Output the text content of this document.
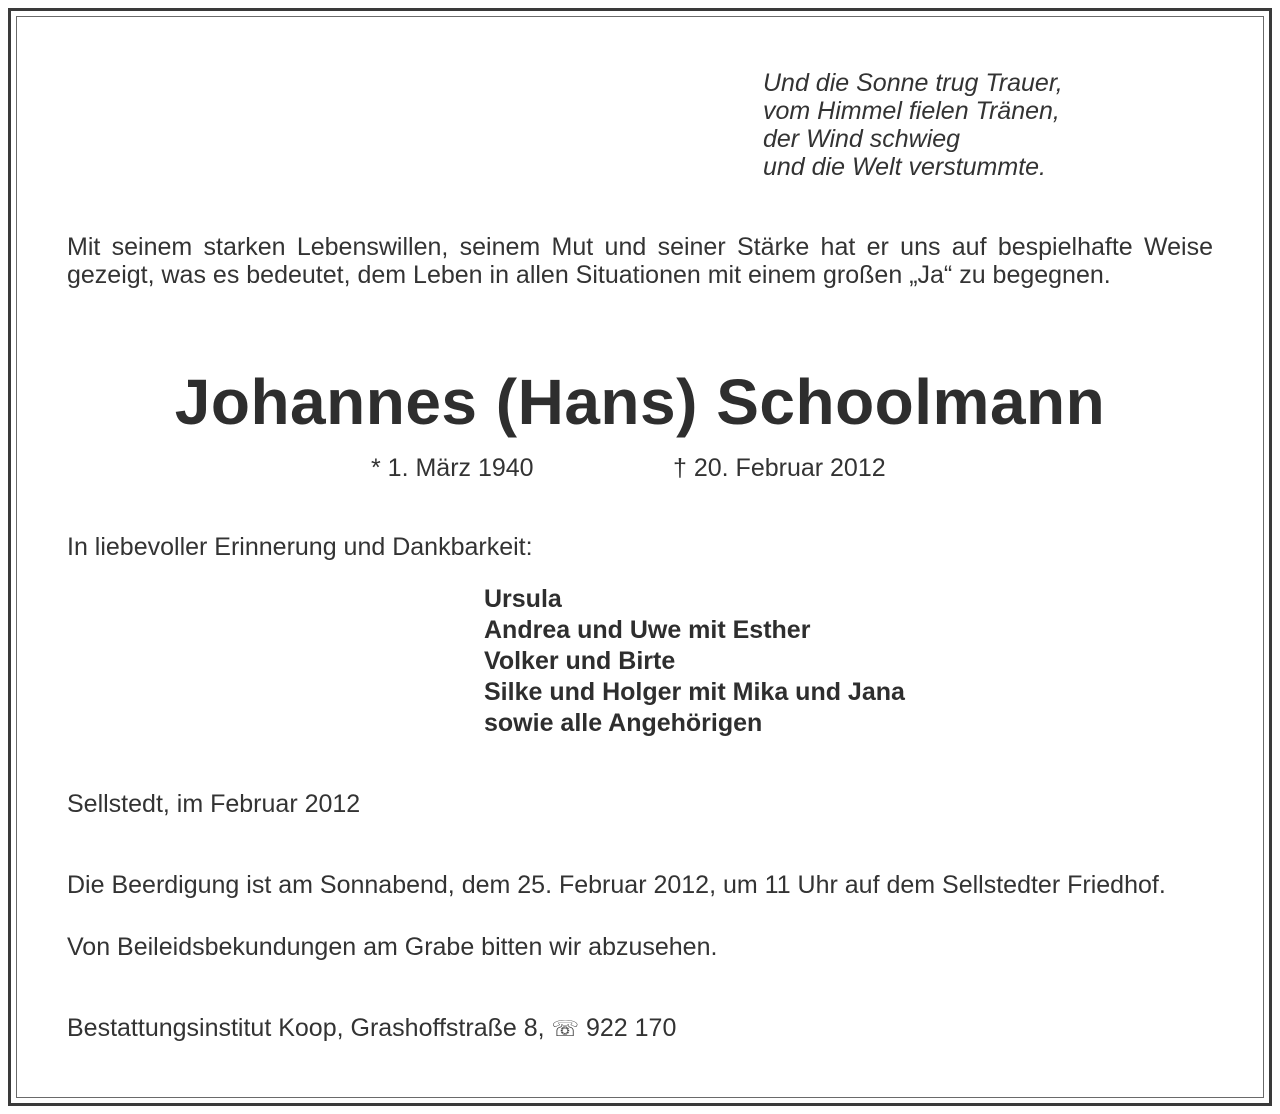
Und die Sonne trug Trauer,
vom Himmel fielen Tränen,
der Wind schwieg
und die Welt verstummte.
Mit seinem starken Lebenswillen, seinem Mut und seiner Stärke hat er uns auf bespielhafte Weise gezeigt, was es bedeutet, dem Leben in allen Situationen mit einem großen „Ja“ zu begegnen.
Johannes (Hans) Schoolmann
* 1. März 1940	† 20. Februar 2012
In liebevoller Erinnerung und Dankbarkeit:
Ursula
Andrea und Uwe mit Esther
Volker und Birte
Silke und Holger mit Mika und Jana
sowie alle Angehörigen
Sellstedt, im Februar 2012
Die Beerdigung ist am Sonnabend, dem 25. Februar 2012, um 11 Uhr auf dem Sellstedter Friedhof.
Von Beileidsbekundungen am Grabe bitten wir abzusehen.
Bestattungsinstitut Koop, Grashoffstraße 8, ☏ 922 170
